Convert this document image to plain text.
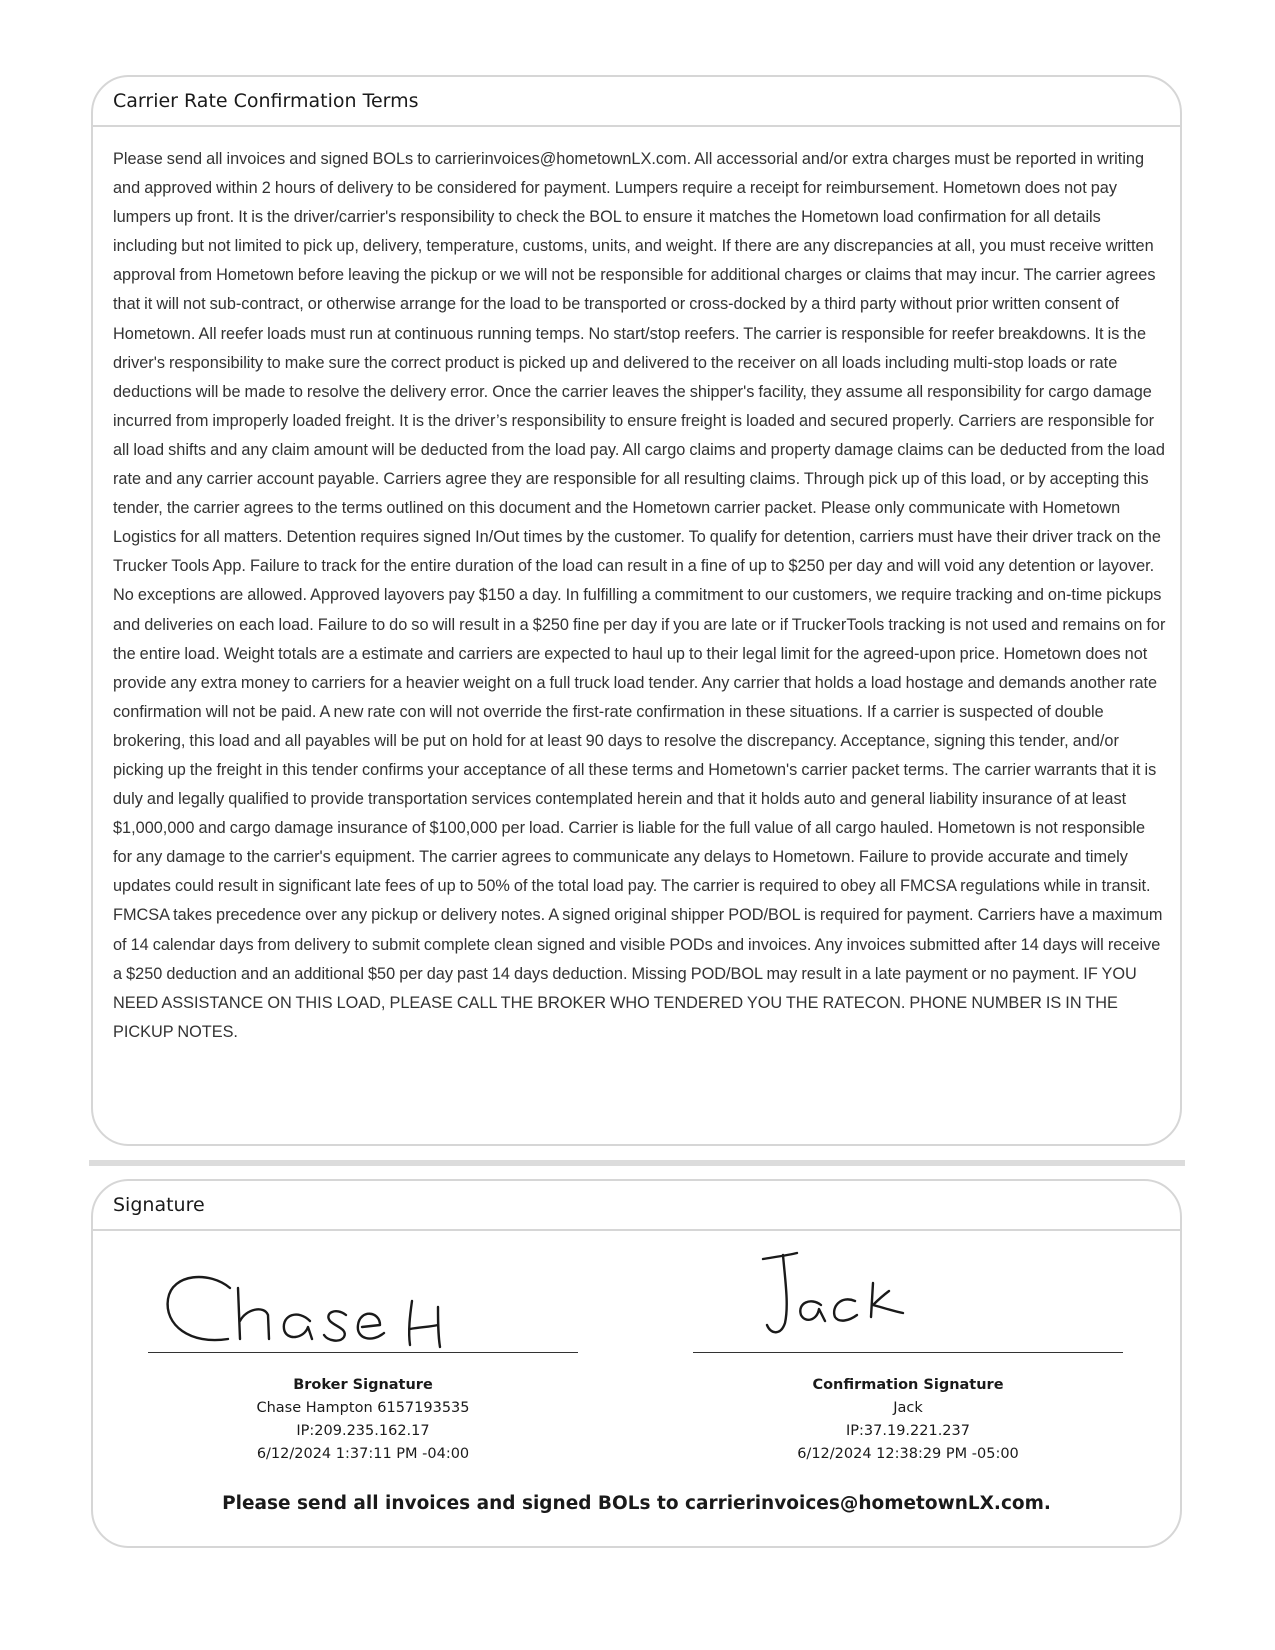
Carrier Rate Confirmation Terms
Please send all invoices and signed BOLs to carrierinvoices@hometownLX.com. All accessorial and/or extra charges must be reported in writing and approved within 2 hours of delivery to be considered for payment. Lumpers require a receipt for reimbursement. Hometown does not pay lumpers up front. It is the driver/carrier's responsibility to check the BOL to ensure it matches the Hometown load confirmation for all details including but not limited to pick up, delivery, temperature, customs, units, and weight. If there are any discrepancies at all, you must receive written approval from Hometown before leaving the pickup or we will not be responsible for additional charges or claims that may incur. The carrier agrees that it will not sub-contract, or otherwise arrange for the load to be transported or cross-docked by a third party without prior written consent of Hometown. All reefer loads must run at continuous running temps. No start/stop reefers. The carrier is responsible for reefer breakdowns. It is the driver's responsibility to make sure the correct product is picked up and delivered to the receiver on all loads including multi-stop loads or rate deductions will be made to resolve the delivery error. Once the carrier leaves the shipper's facility, they assume all responsibility for cargo damage incurred from improperly loaded freight. It is the driver’s responsibility to ensure freight is loaded and secured properly. Carriers are responsible for all load shifts and any claim amount will be deducted from the load pay. All cargo claims and property damage claims can be deducted from the load rate and any carrier account payable. Carriers agree they are responsible for all resulting claims. Through pick up of this load, or by accepting this tender, the carrier agrees to the terms outlined on this document and the Hometown carrier packet. Please only communicate with Hometown Logistics for all matters. Detention requires signed In/Out times by the customer. To qualify for detention, carriers must have their driver track on the Trucker Tools App. Failure to track for the entire duration of the load can result in a fine of up to $250 per day and will void any detention or layover. No exceptions are allowed. Approved layovers pay $150 a day. In fulfilling a commitment to our customers, we require tracking and on-time pickups and deliveries on each load. Failure to do so will result in a $250 fine per day if you are late or if TruckerTools tracking is not used and remains on for the entire load. Weight totals are a estimate and carriers are expected to haul up to their legal limit for the agreed-upon price. Hometown does not provide any extra money to carriers for a heavier weight on a full truck load tender. Any carrier that holds a load hostage and demands another rate confirmation will not be paid. A new rate con will not override the first-rate confirmation in these situations. If a carrier is suspected of double brokering, this load and all payables will be put on hold for at least 90 days to resolve the discrepancy. Acceptance, signing this tender, and/or picking up the freight in this tender confirms your acceptance of all these terms and Hometown's carrier packet terms. The carrier warrants that it is duly and legally qualified to provide transportation services contemplated herein and that it holds auto and general liability insurance of at least $1,000,000 and cargo damage insurance of $100,000 per load. Carrier is liable for the full value of all cargo hauled. Hometown is not responsible for any damage to the carrier's equipment. The carrier agrees to communicate any delays to Hometown. Failure to provide accurate and timely updates could result in significant late fees of up to 50% of the total load pay. The carrier is required to obey all FMCSA regulations while in transit. FMCSA takes precedence over any pickup or delivery notes. A signed original shipper POD/BOL is required for payment. Carriers have a maximum of 14 calendar days from delivery to submit complete clean signed and visible PODs and invoices. Any invoices submitted after 14 days will receive a $250 deduction and an additional $50 per day past 14 days deduction. Missing POD/BOL may result in a late payment or no payment. IF YOU NEED ASSISTANCE ON THIS LOAD, PLEASE CALL THE BROKER WHO TENDERED YOU THE RATECON. PHONE NUMBER IS IN THE PICKUP NOTES.
Signature
Broker Signature
Chase Hampton 6157193535
IP:209.235.162.17
6/12/2024 1:37:11 PM -04:00
Confirmation Signature
Jack
IP:37.19.221.237
6/12/2024 12:38:29 PM -05:00
Please send all invoices and signed BOLs to carrierinvoices@hometownLX.com.
